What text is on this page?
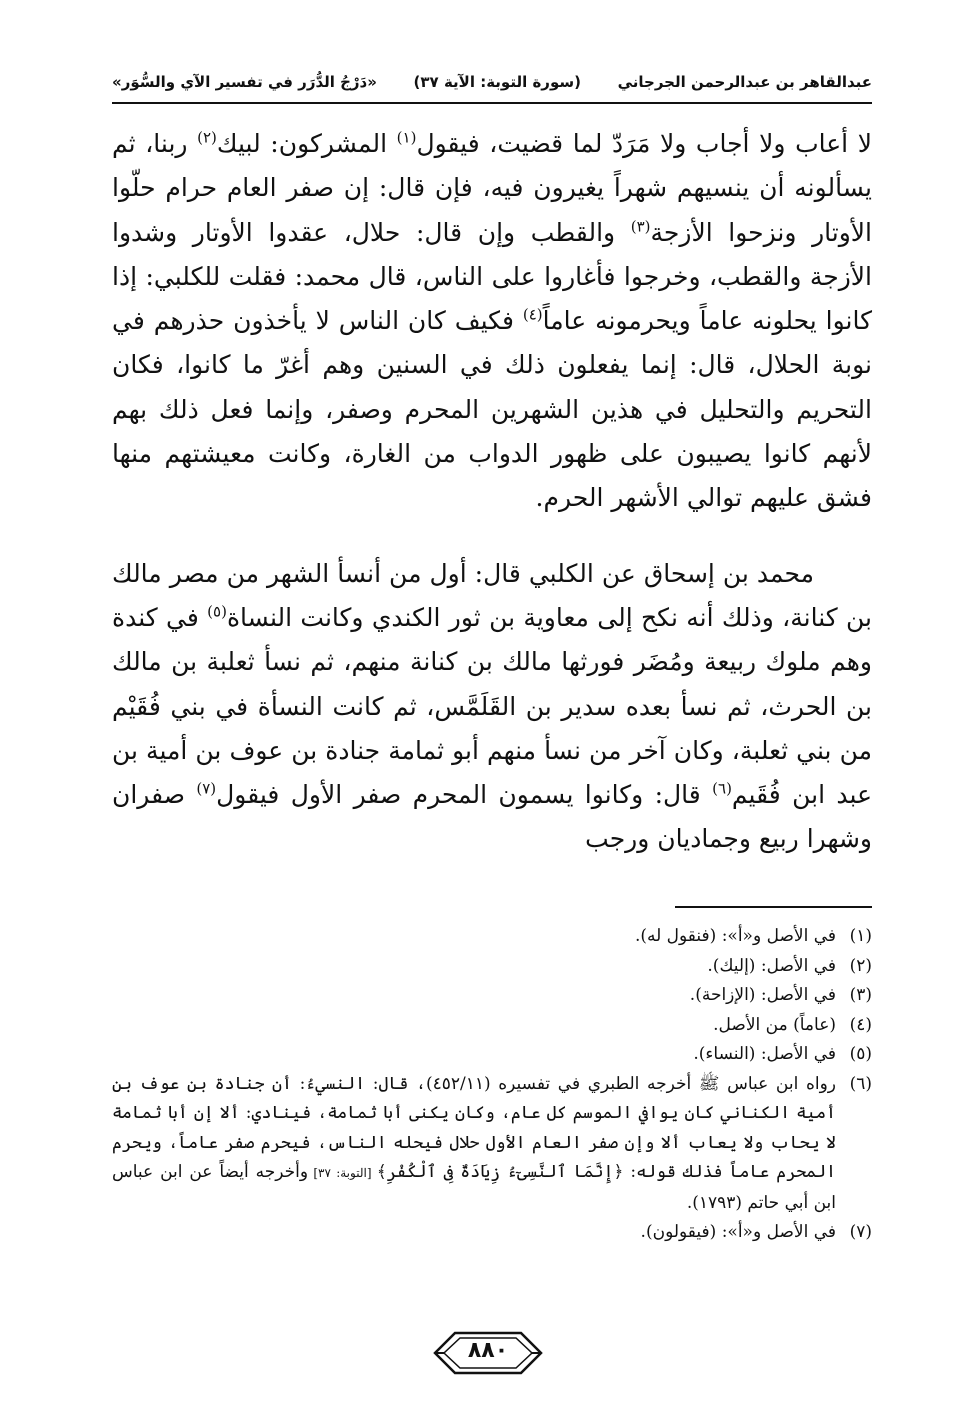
عبدالقاهر بن عبدالرحمن الجرجاني
(سورة التوبة: الآية ٣٧)
«دَرْجُ الدُّرَر في تفسير الآي والسُّوَر»

لا أعاب ولا أجاب ولا مَرَدّ لما قضيت، فيقول$^{(١)}$ المشركون: لبيك$^{(٢)}$ ربنا، ثم يسألونه أن ينسيهم شهراً يغيرون فيه، فإن قال: إن صفر العام حرام حلّوا الأوتار ونزحوا الأزجة$^{(٣)}$ والقطب وإن قال: حلال، عقدوا الأوتار وشدوا الأزجة والقطب، وخرجوا فأغاروا على الناس، قال محمد: فقلت للكلبي: إذا كانوا يحلونه عاماً ويحرمونه عاماً$^{(٤)}$ فكيف كان الناس لا يأخذون حذرهم في نوبة الحلال، قال: إنما يفعلون ذلك في السنين وهم أغرّ ما كانوا، فكان التحريم والتحليل في هذين الشهرين المحرم وصفر، وإنما فعل ذلك بهم لأنهم كانوا يصيبون على ظهور الدواب من الغارة، وكانت معيشتهم منها فشق عليهم توالي الأشهر الحرم.

محمد بن إسحاق عن الكلبي قال: أول من أنسأ الشهر من مصر مالك بن كنانة، وذلك أنه نكح إلى معاوية بن ثور الكندي وكانت النساة$^{(٥)}$ في كندة وهم ملوك ربيعة ومُضَر فورثها مالك بن كنانة منهم، ثم نسأ ثعلبة بن مالك بن الحرث، ثم نسأ بعده سدير بن القَلَمَّس، ثم كانت النسأة في بني فُقَيْم من بني ثعلبة، وكان آخر من نسأ منهم أبو ثمامة جنادة بن عوف بن أمية بن عبد ابن فُقَيم$^{(٦)}$ قال: وكانوا يسمون المحرم صفر الأول فيقول$^{(٧)}$ صفران وشهرا ربيع وجماديان ورجب

(١)
في الأصل و«أ»: (فنقول له).
(٢)
في الأصل: (إليك).
(٣)
في الأصل: (الإزاحة).
(٤)
(عاماً) من الأصل.
(٥)
في الأصل: (النساء).
(٦)
رواه ابن عباس ﷺ أخرجه الطبري في تفسيره (٤٥٢/١١)، قال: النسيءُ: أن جنادة بن عوف بن أمية الكناني كان يوافي الموسم كل عام، وكان يكنى أبا ثمامة، فينادي: ألا إن أبا ثمامة لا يحاب ولا يعاب ألا وإن صفر العام الأول حلال فيحله الناس، فيحرم صفر عاماً، ويحرم المحرم عاماً فذلك قوله: ﴿إِنَّمَا ٱلنَّسِىٓءُ زِيَادَةٌ فِى ٱلْكُفْرِ﴾ [التوبة: ٣٧] وأخرجه أيضاً عن ابن عباس ابن أبي حاتم (١٧٩٣).
(٧)
في الأصل و«أ»: (فيقولون).
٨٨٠
